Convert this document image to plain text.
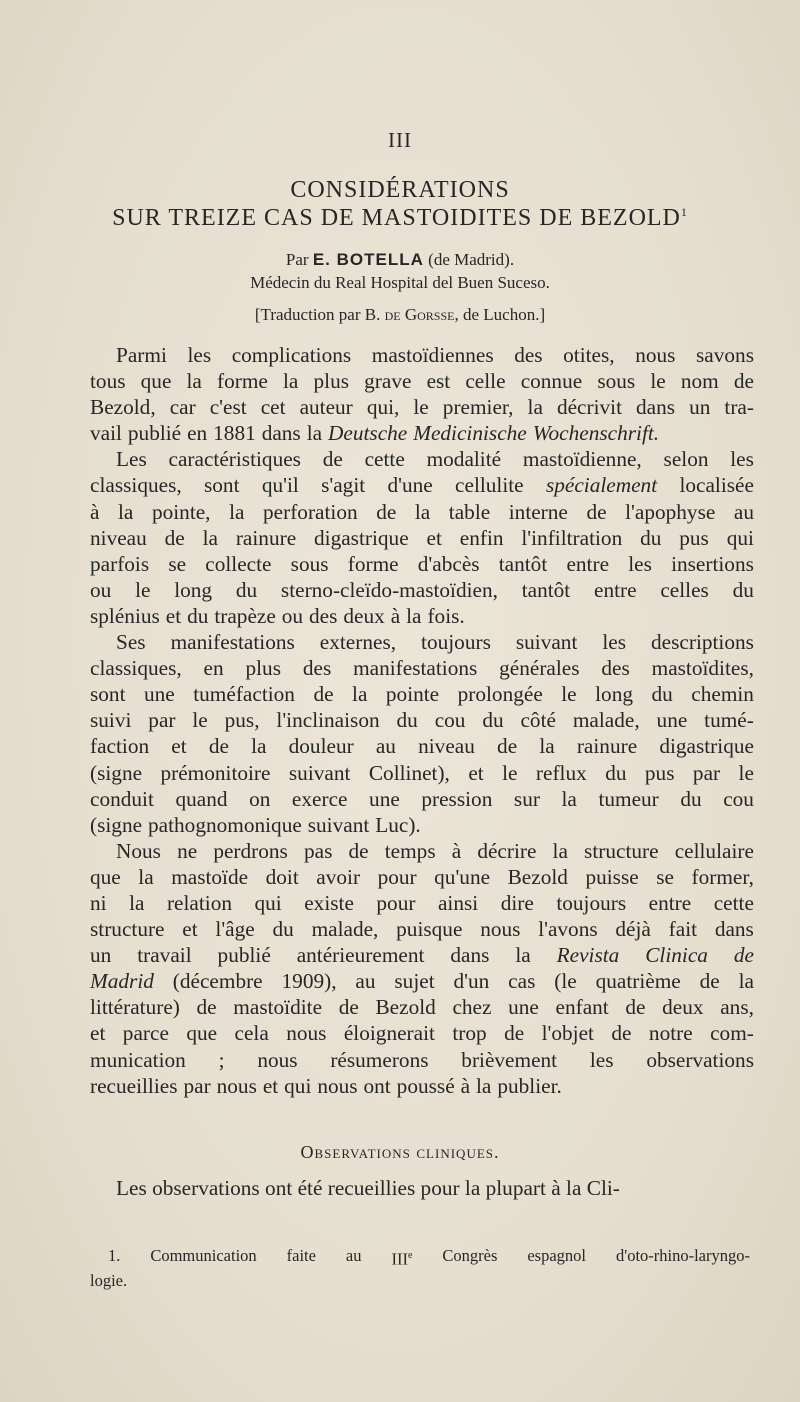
III
CONSIDÉRATIONS
SUR TREIZE CAS DE MASTOIDITES DE BEZOLD$^1$
Par E. BOTELLA (de Madrid).
Médecin du Real Hospital del Buen Suceso.
[Traduction par B. de Gorsse, de Luchon.]
Parmi les complications mastoïdiennes des otites, nous savons
tous que la forme la plus grave est celle connue sous le nom de
Bezold, car c'est cet auteur qui, le premier, la décrivit dans un tra-
vail publié en 1881 dans la Deutsche Medicinische Wochenschrift.
Les caractéristiques de cette modalité mastoïdienne, selon les
classiques, sont qu'il s'agit d'une cellulite spécialement localisée
à la pointe, la perforation de la table interne de l'apophyse au
niveau de la rainure digastrique et enfin l'infiltration du pus qui
parfois se collecte sous forme d'abcès tantôt entre les insertions
ou le long du sterno-cleïdo-mastoïdien, tantôt entre celles du
splénius et du trapèze ou des deux à la fois.
Ses manifestations externes, toujours suivant les descriptions
classiques, en plus des manifestations générales des mastoïdites,
sont une tuméfaction de la pointe prolongée le long du chemin
suivi par le pus, l'inclinaison du cou du côté malade, une tumé-
faction et de la douleur au niveau de la rainure digastrique
(signe prémonitoire suivant Collinet), et le reflux du pus par le
conduit quand on exerce une pression sur la tumeur du cou
(signe pathognomonique suivant Luc).
Nous ne perdrons pas de temps à décrire la structure cellulaire
que la mastoïde doit avoir pour qu'une Bezold puisse se former,
ni la relation qui existe pour ainsi dire toujours entre cette
structure et l'âge du malade, puisque nous l'avons déjà fait dans
un travail publié antérieurement dans la Revista Clinica de
Madrid (décembre 1909), au sujet d'un cas (le quatrième de la
littérature) de mastoïdite de Bezold chez une enfant de deux ans,
et parce que cela nous éloignerait trop de l'objet de notre com-
munication ; nous résumerons brièvement les observations
recueillies par nous et qui nous ont poussé à la publier.
Observations cliniques.
Les observations ont été recueillies pour la plupart à la Cli-
1. Communication faite au IIIe Congrès espagnol d'oto-rhino-laryngo-
logie.
